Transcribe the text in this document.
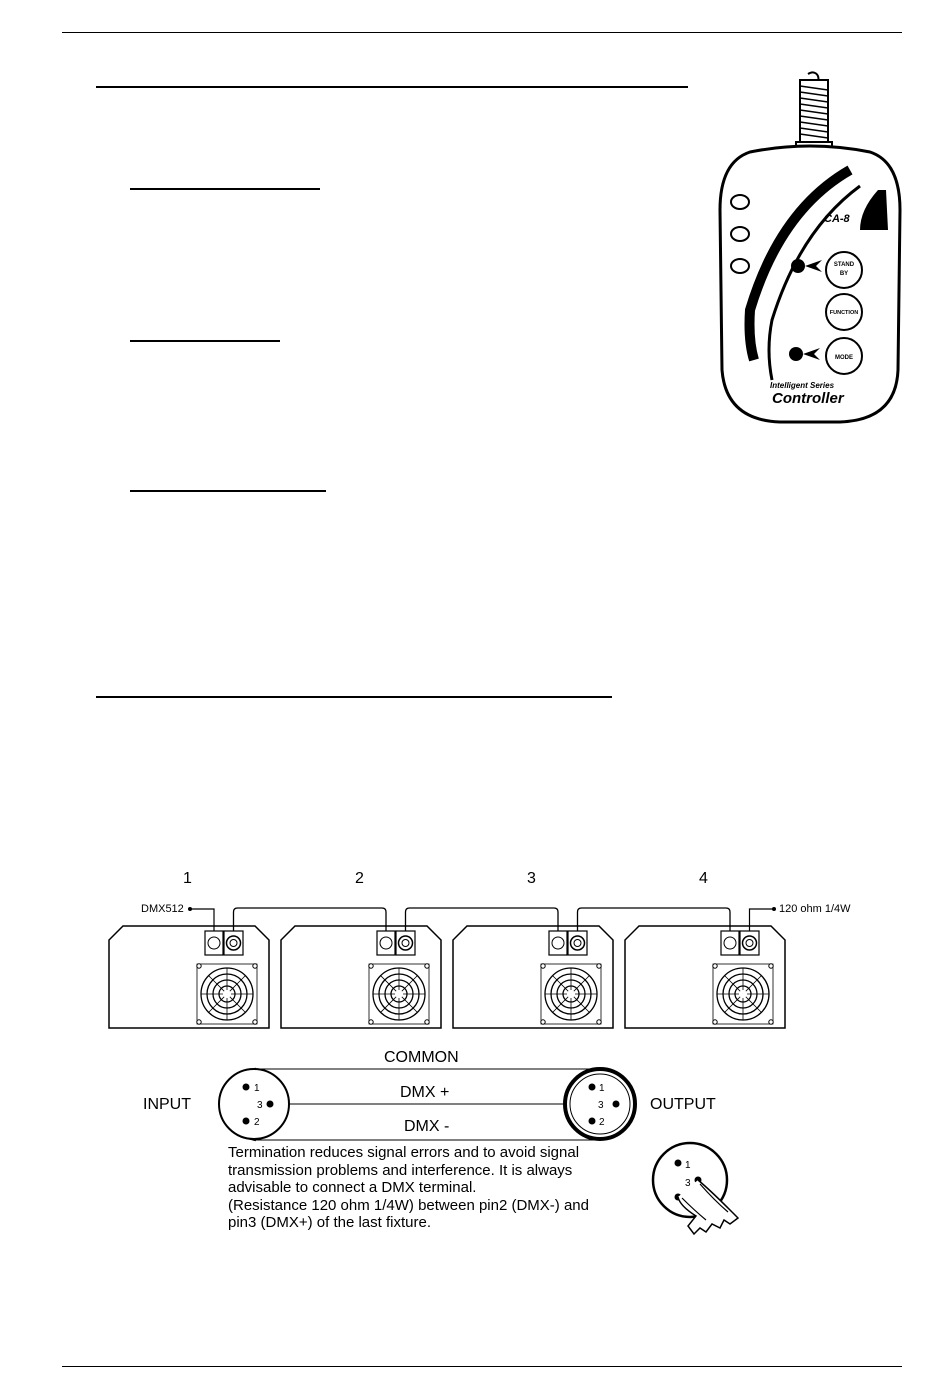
CA-8
STAND
BY
FUNCTION
MODE
Intelligent Series
Controller
1	2	3	4
DMX512	120 ohm 1/4W
COMMON
DMX +
DMX -
INPUT	OUTPUT
1
3
2
1
3
2
1
3
Termination reduces signal errors and to avoid signal
transmission problems and interference. It is always
advisable to connect a DMX terminal.
(Resistance 120 ohm 1/4W) between pin2 (DMX-) and
pin3 (DMX+) of the last fixture.
